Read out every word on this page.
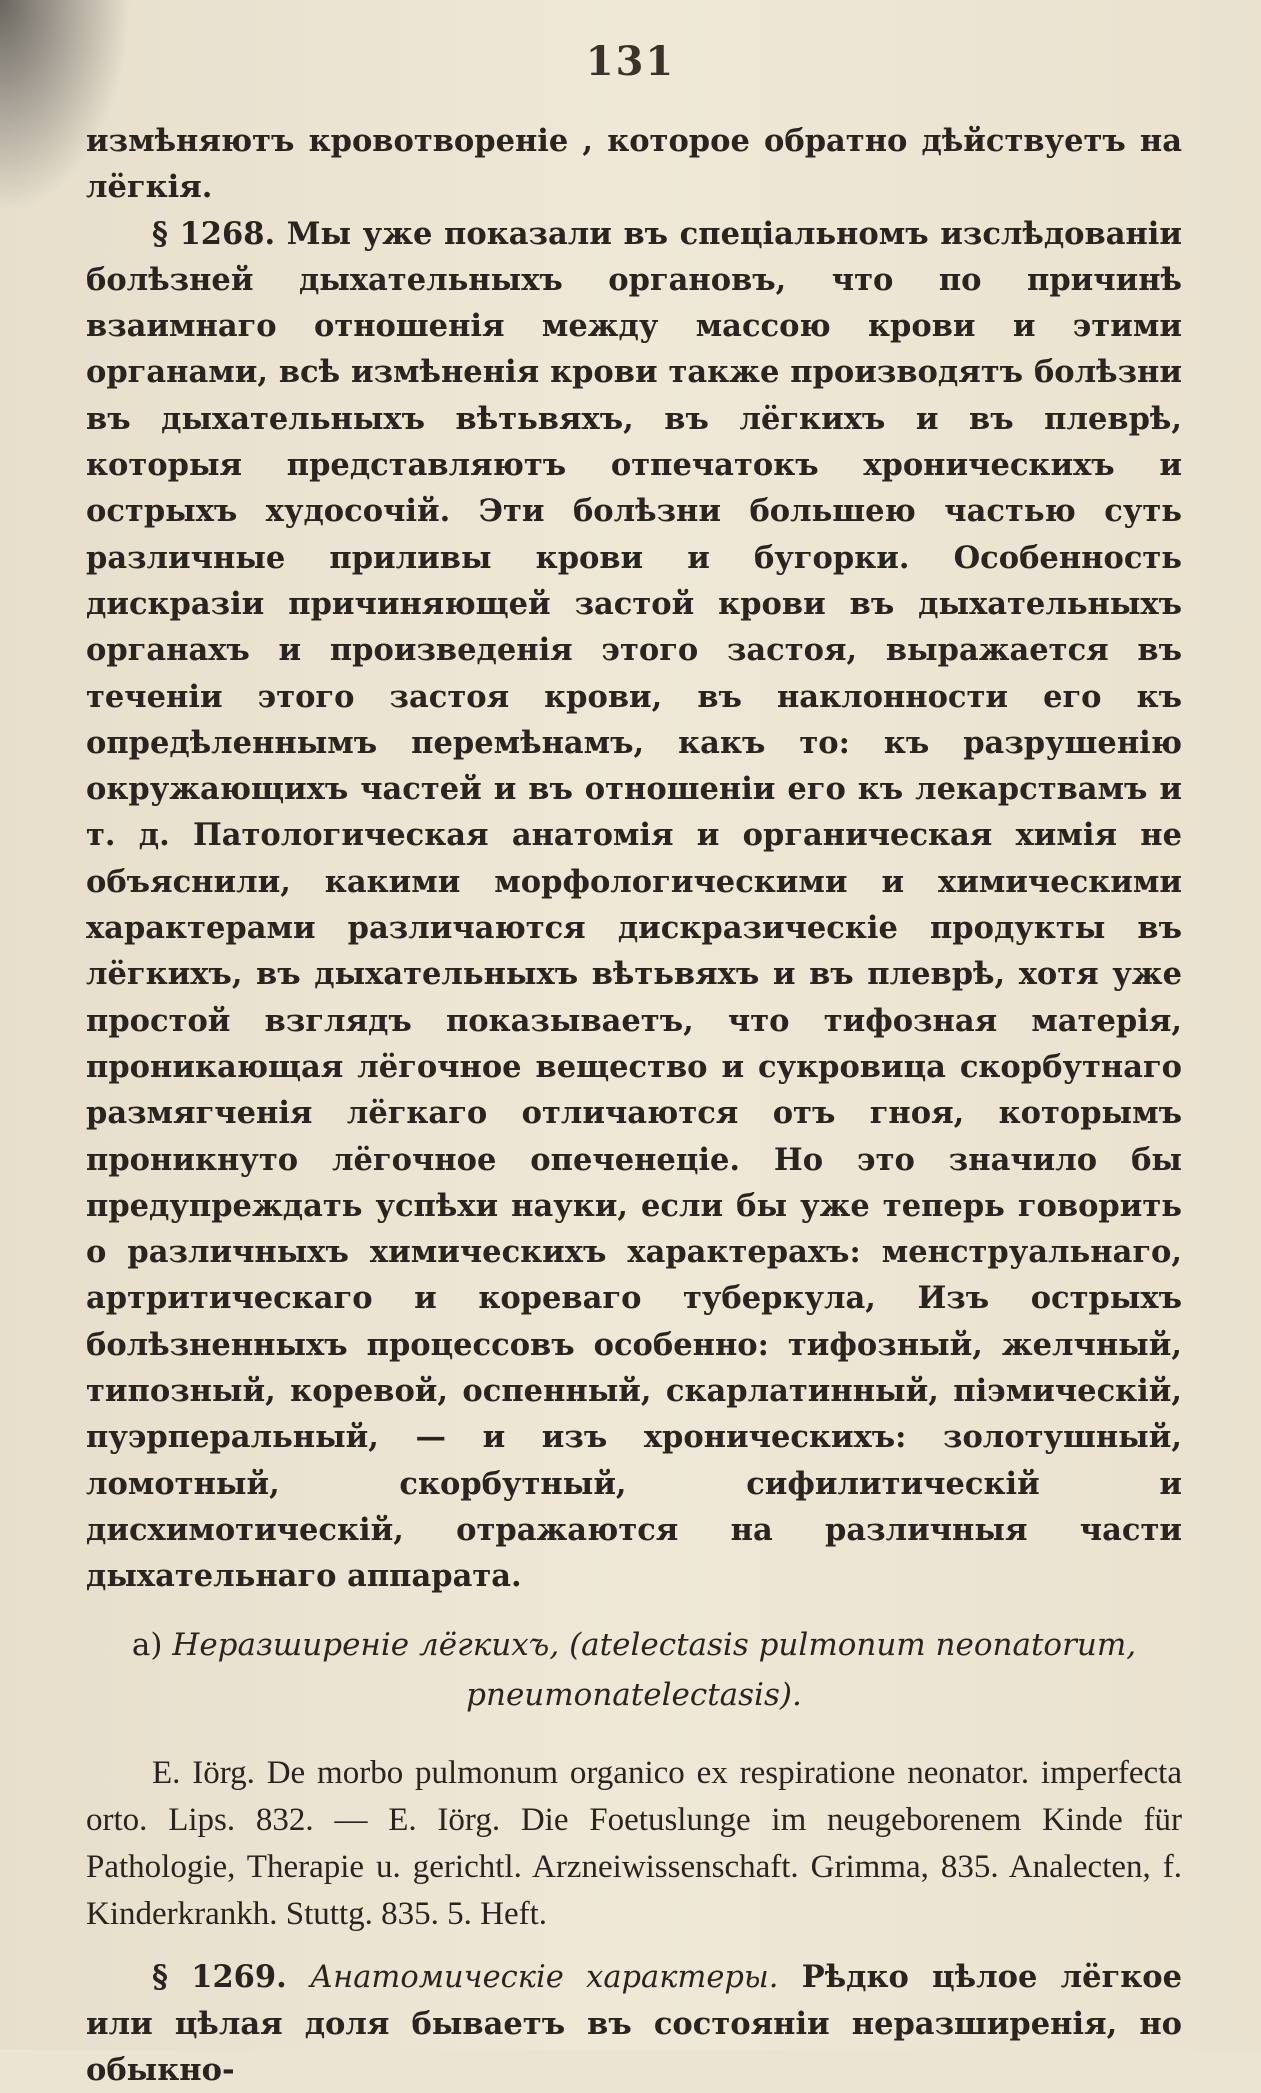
131

измѣняютъ кровотвореніе , которое обратно дѣйствуетъ на лёгкія.

§ 1268. Мы уже показали въ спеціальномъ изслѣдованіи болѣзней дыхательныхъ органовъ, что по причинѣ взаимнаго отношенія между массою крови и этими органами, всѣ измѣненія крови также производятъ болѣзни въ дыхательныхъ вѣтьвяхъ, въ лёгкихъ и въ плеврѣ, которыя представляютъ отпечатокъ хроническихъ и острыхъ худосочій. Эти болѣзни большею частью суть различные приливы крови и бугорки. Особенность дискразіи причиняющей застой крови въ дыхательныхъ органахъ и произведенія этого застоя, выражается въ теченіи этого застоя крови, въ наклонности его къ опредѣленнымъ перемѣнамъ, какъ то: къ разрушенію окружающихъ частей и въ отношеніи его къ лекарствамъ и т. д. Патологическая анатомія и органическая химія не объяснили, какими морфологическими и химическими характерами различаются дискразическіе продукты въ лёгкихъ, въ дыхательныхъ вѣтьвяхъ и въ плеврѣ, хотя уже простой взглядъ показываетъ, что тифозная матерія, проникающая лёгочное вещество и сукровица скорбутнаго размягченія лёгкаго отличаются отъ гноя, которымъ проникнуто лёгочное опеченеціе. Но это значило бы предупреждать успѣхи науки, если бы уже теперь говорить о различныхъ химическихъ характерахъ: менструальнаго, артритическаго и кореваго туберкула, Изъ острыхъ болѣзненныхъ процессовъ особенно: тифозный, желчный, типозный, коревой, оспенный, скарлатинный, піэмическій, пуэрперальный, — и изъ хроническихъ: золотушный, ломотный, скорбутный, сифилитическій и дисхимотическій, отражаются на различныя части дыхательнаго аппарата.

a) Неразширеніе лёгкихъ, (atelectasis pulmonum neonatorum, pneumonatelectasis).

E. Iörg. De morbo pulmonum organico ex respiratione neonator. imperfecta orto. Lips. 832. — E. Iörg. Die Foetuslunge im neugeborenem Kinde für Pathologie, Therapie u. gerichtl. Arzneiwissenschaft. Grimma, 835. Analecten, f. Kinderkrankh. Stuttg. 835. 5. Heft.

§ 1269. Анатомическіе характеры. Рѣдко цѣлое лёгкое или цѣлая доля бываетъ въ состояніи неразширенія, но обыкно-
